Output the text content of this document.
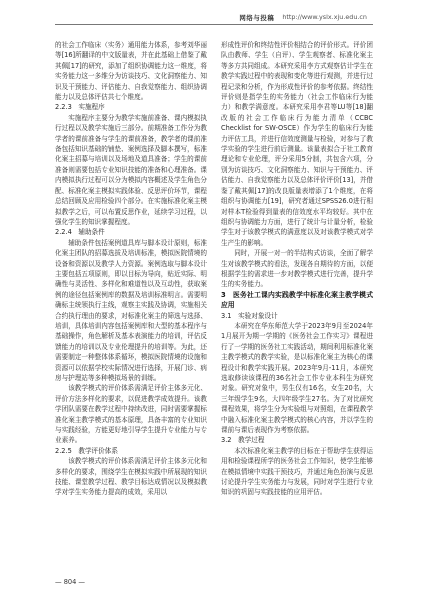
网络与投稿 http://www.yslx.xju.edu.cn

的社会工作临床（实务）通用能力体系，参考刘华丽等[16]所翻译的中文版量表，并在此基础上借鉴了戴其佩[17]的研究，添加了组织协调能力这一维度，将实务能力这一多维分为访谈技巧、文化洞察能力、知识及干预能力、评估能力、自我觉察能力、组织协调能力以及总体评估共七个维度。

2.2.3　实施程序

实施程序主要分为教学实施前准备、课内模拟执行过程以及教学实施后三部分。前期准备工作分为教学者的课前准备与学生的课前准备，教学者的课前准备包括知识基础的铺垫、案例选择及脚本撰写，标准化案主招募与培训以及场地及道具准备；学生的课前准备则需要包括专业知识技能的准备和心理准备。课内模拟执行过程可以分为模拟内容概述及学生角色分配、标准化案主模拟实践体验、反思评价环节，课程总结回顾及应用检验四个部分。在实施标准化案主模拟教学之后，可以布置反思作业，延续学习过程，以强化学生的知识掌握程度。

2.2.4　辅助条件

辅助条件包括案例道具库与脚本设计原则，标准化案主团队的招募选拔及培训标准，模拟医院情境的设备和资源以及教学人力资源。案例选取与脚本设计主要包括五项原则，即以目标为导向，贴近实际、明确性与灵活性、多样化和难道性以及互动性，获取案例的途径包括案例库的数据及培训标准明言。需要明确标主统领执行主线，观察主实践及协调，实施相关合约执行理由的要求，对标准化案主的筛选与选择、培训，具体培训内容包括案例库和大型的基本程序与基础操作，角色解析及基本表演能力的培训，评估反馈能力的培训以及专业伦理提升的培训等。为此，还需要制定一种整体体系循环，模拟医院情境的设施和资源可以依据学校实际情况进行选择，开展门诊、病房与护理站等多种模拟场景的训练。

该教学模式的评价体系需满足评价主体多元化、评价方法多样化的要求，以促进教学成效提升。该教学团队需要在教学过程中持续改进，同时需要掌握标准化案主教学模式的基本原理，具备丰富的专业知识与实践经验，方能更好地引导学生提升专业能力与专业素养。

2.2.5　教学评价体系

该教学模式的评价体系需满足评价主体多元化和多样化的要求，围绕学生在模拟实践中所展现的知识技能、课堂教学过程、教学目标达成情况以及模拟教学对学生实务能力提高的成效，采用以

形成性评价和终结性评价相结合的评价形式。评价团队由教师、学生（自评）、学生观察者、标准化案主等多方共同组成。本研究采用李方式观察估计学生在教学实践过程中的表现和变化等进行观测，并进行过程记录和分析，作为形成性评价的参考依据。终结性评价则是指学生的实务能力（社会工作临床行为能力）和教学满意度。本研究采用李君等LU等[18]翻改版的社会工作临床行为能力清单（CCBC Checklist for SW-OSCE）作为学生的临床行为能力评估工具，并进行信效度测量与检验，对参与了教学实验的学生进行前后测量。该量表拟合于社工教育理论和专业伦理，评分采用5分制，共包含六项，分别为访谈技巧、文化洞察能力、知识与干预能力、评估能力、自我觉察能力以及总体评价评价[13]，并借鉴了戴其佩[17]的改良版量表增添了1个维度，在将组织与协调能力[19]，研究者通过SPSS26.0进行相对样本T检验得到量表的信效度水平均较好。其中在组织与协调能力方面，进行了统计与计量分析，检验学生对于该教学模式的满意度以及对该教学模式对学生产生的影响。

同时，开展一对一的半结构式访谈，全面了解学生对该教学模式的看法，发现各自期待的方面，以便根据学生的需求进一步对教学模式进行完善，提升学生的实务能力。

3　医务社工课内实践教学中标准化案主教学模式应用
3.1　实验对象设计

本研究在华东师范大学于2023年9月至2024年1月展开为期一学期的《医务社会工作实习》课程进行了一学期的医务社工实践活动，期间利用标准化案主教学模式的教学实验，是以标准化案主为核心的课程设计和教学实践开展。2023年9月-11月，本研究选取修读该课程的36名社会工作专业本科生为研究对象。研究对象中，男生仅有16名，女生20名，大三年级学生9名，大四年级学生27名。为了对比研究课程效果，将学生分为实验组与对照组，在课程教学中融入标准化案主教学模式的核心内容，并以学生的课前与课后表现作为考察依据。

3.2　教学过程

本次标准化案主教学的目标在于帮助学生获得运用和检验课程所学的医务社会工作知识，使学生能够在模拟情境中实践干预技巧，并通过角色扮演与反思讨论提升学生实务能力与发展，同时对学生进行专业知识的巩固与实践技能的应用评估。

— 804 —
